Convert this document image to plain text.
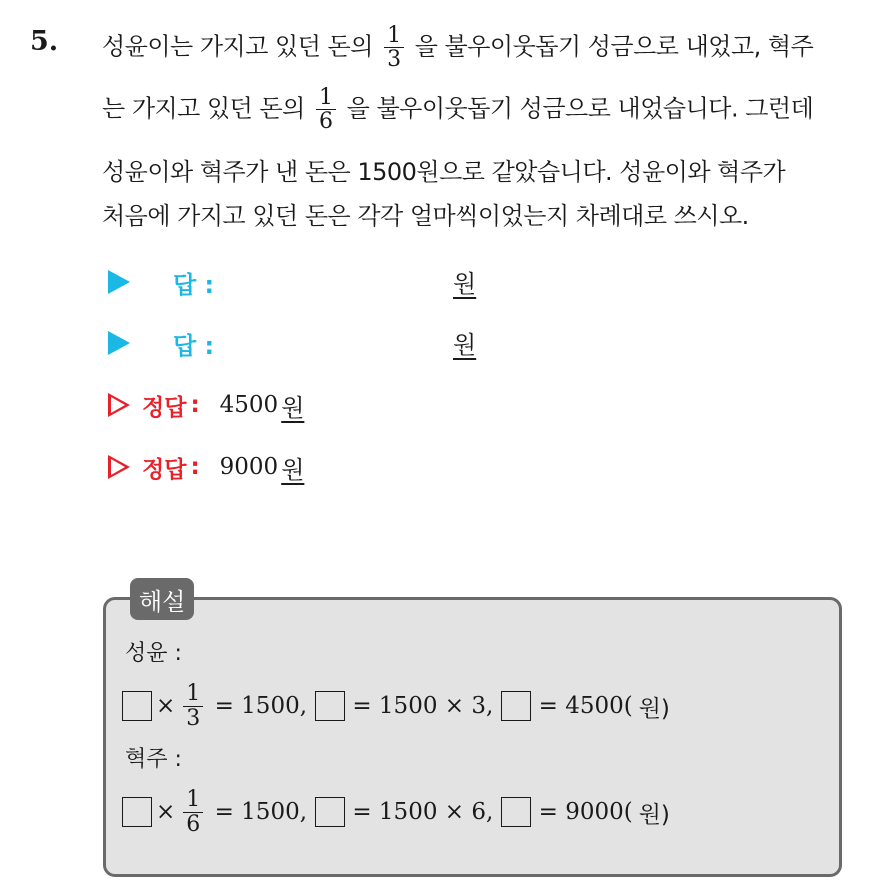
5. 성윤이는 가지고 있던 돈의 $\frac{1}{3}$ 을 불우이웃돕기 성금으로 내었고, 혁주
는 가지고 있던 돈의 $\frac{1}{6}$ 을 불우이웃돕기 성금으로 내었습니다. 그런데
성윤이와 혁주가 낸 돈은 1500원으로 같았습니다. 성윤이와 혁주가
처음에 가지고 있던 돈은 각각 얼마씩이었는지 차례대로 쓰시오.
답 :	원
답 :	원
정답 : 4500 원
정답 : 9000 원
해설
성윤 :
× $\frac{1}{3} = 1500$, = 1500 × 3, = 4500( 원)
혁주 :
× $\frac{1}{6} = 1500$, = 1500 × 6, = 9000( 원)
